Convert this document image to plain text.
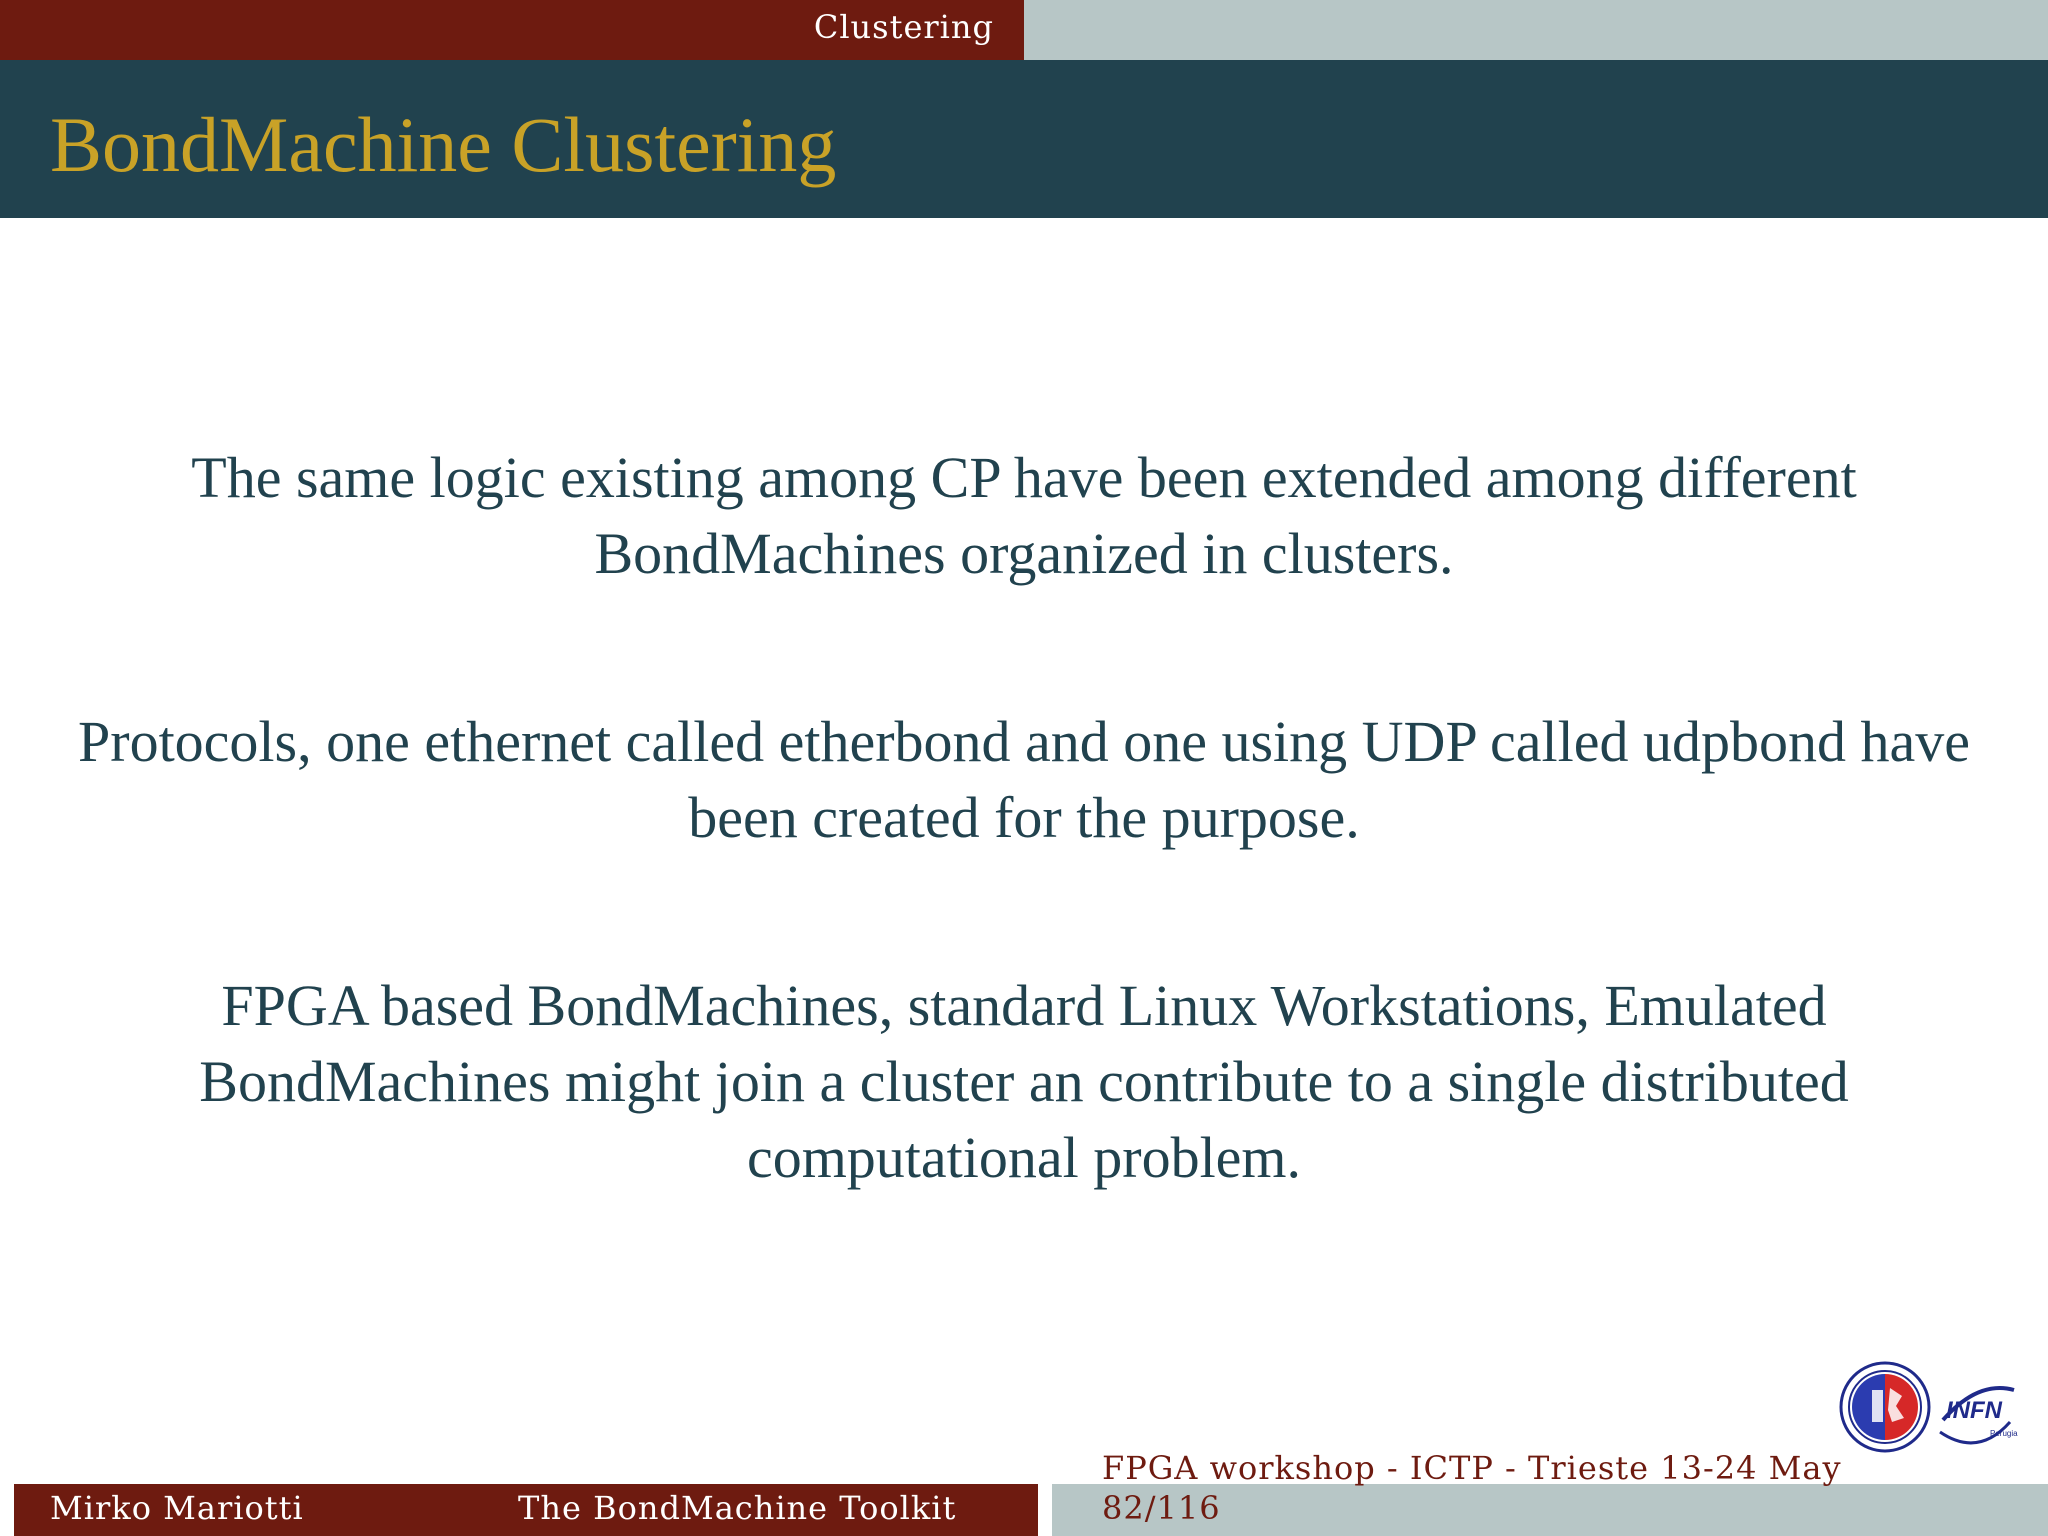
Clustering
BondMachine Clustering

The same logic existing among CP have been extended among different BondMachines organized in clusters.

Protocols, one ethernet called etherbond and one using UDP called udpbond have been created for the purpose.

FPGA based BondMachines, standard Linux Workstations, Emulated BondMachines might join a cluster an contribute to a single distributed computational problem.

INFN
Perugia
Mirko Mariotti	The BondMachine Toolkit
FPGA workshop - ICTP - Trieste 13-24 May
82/116
